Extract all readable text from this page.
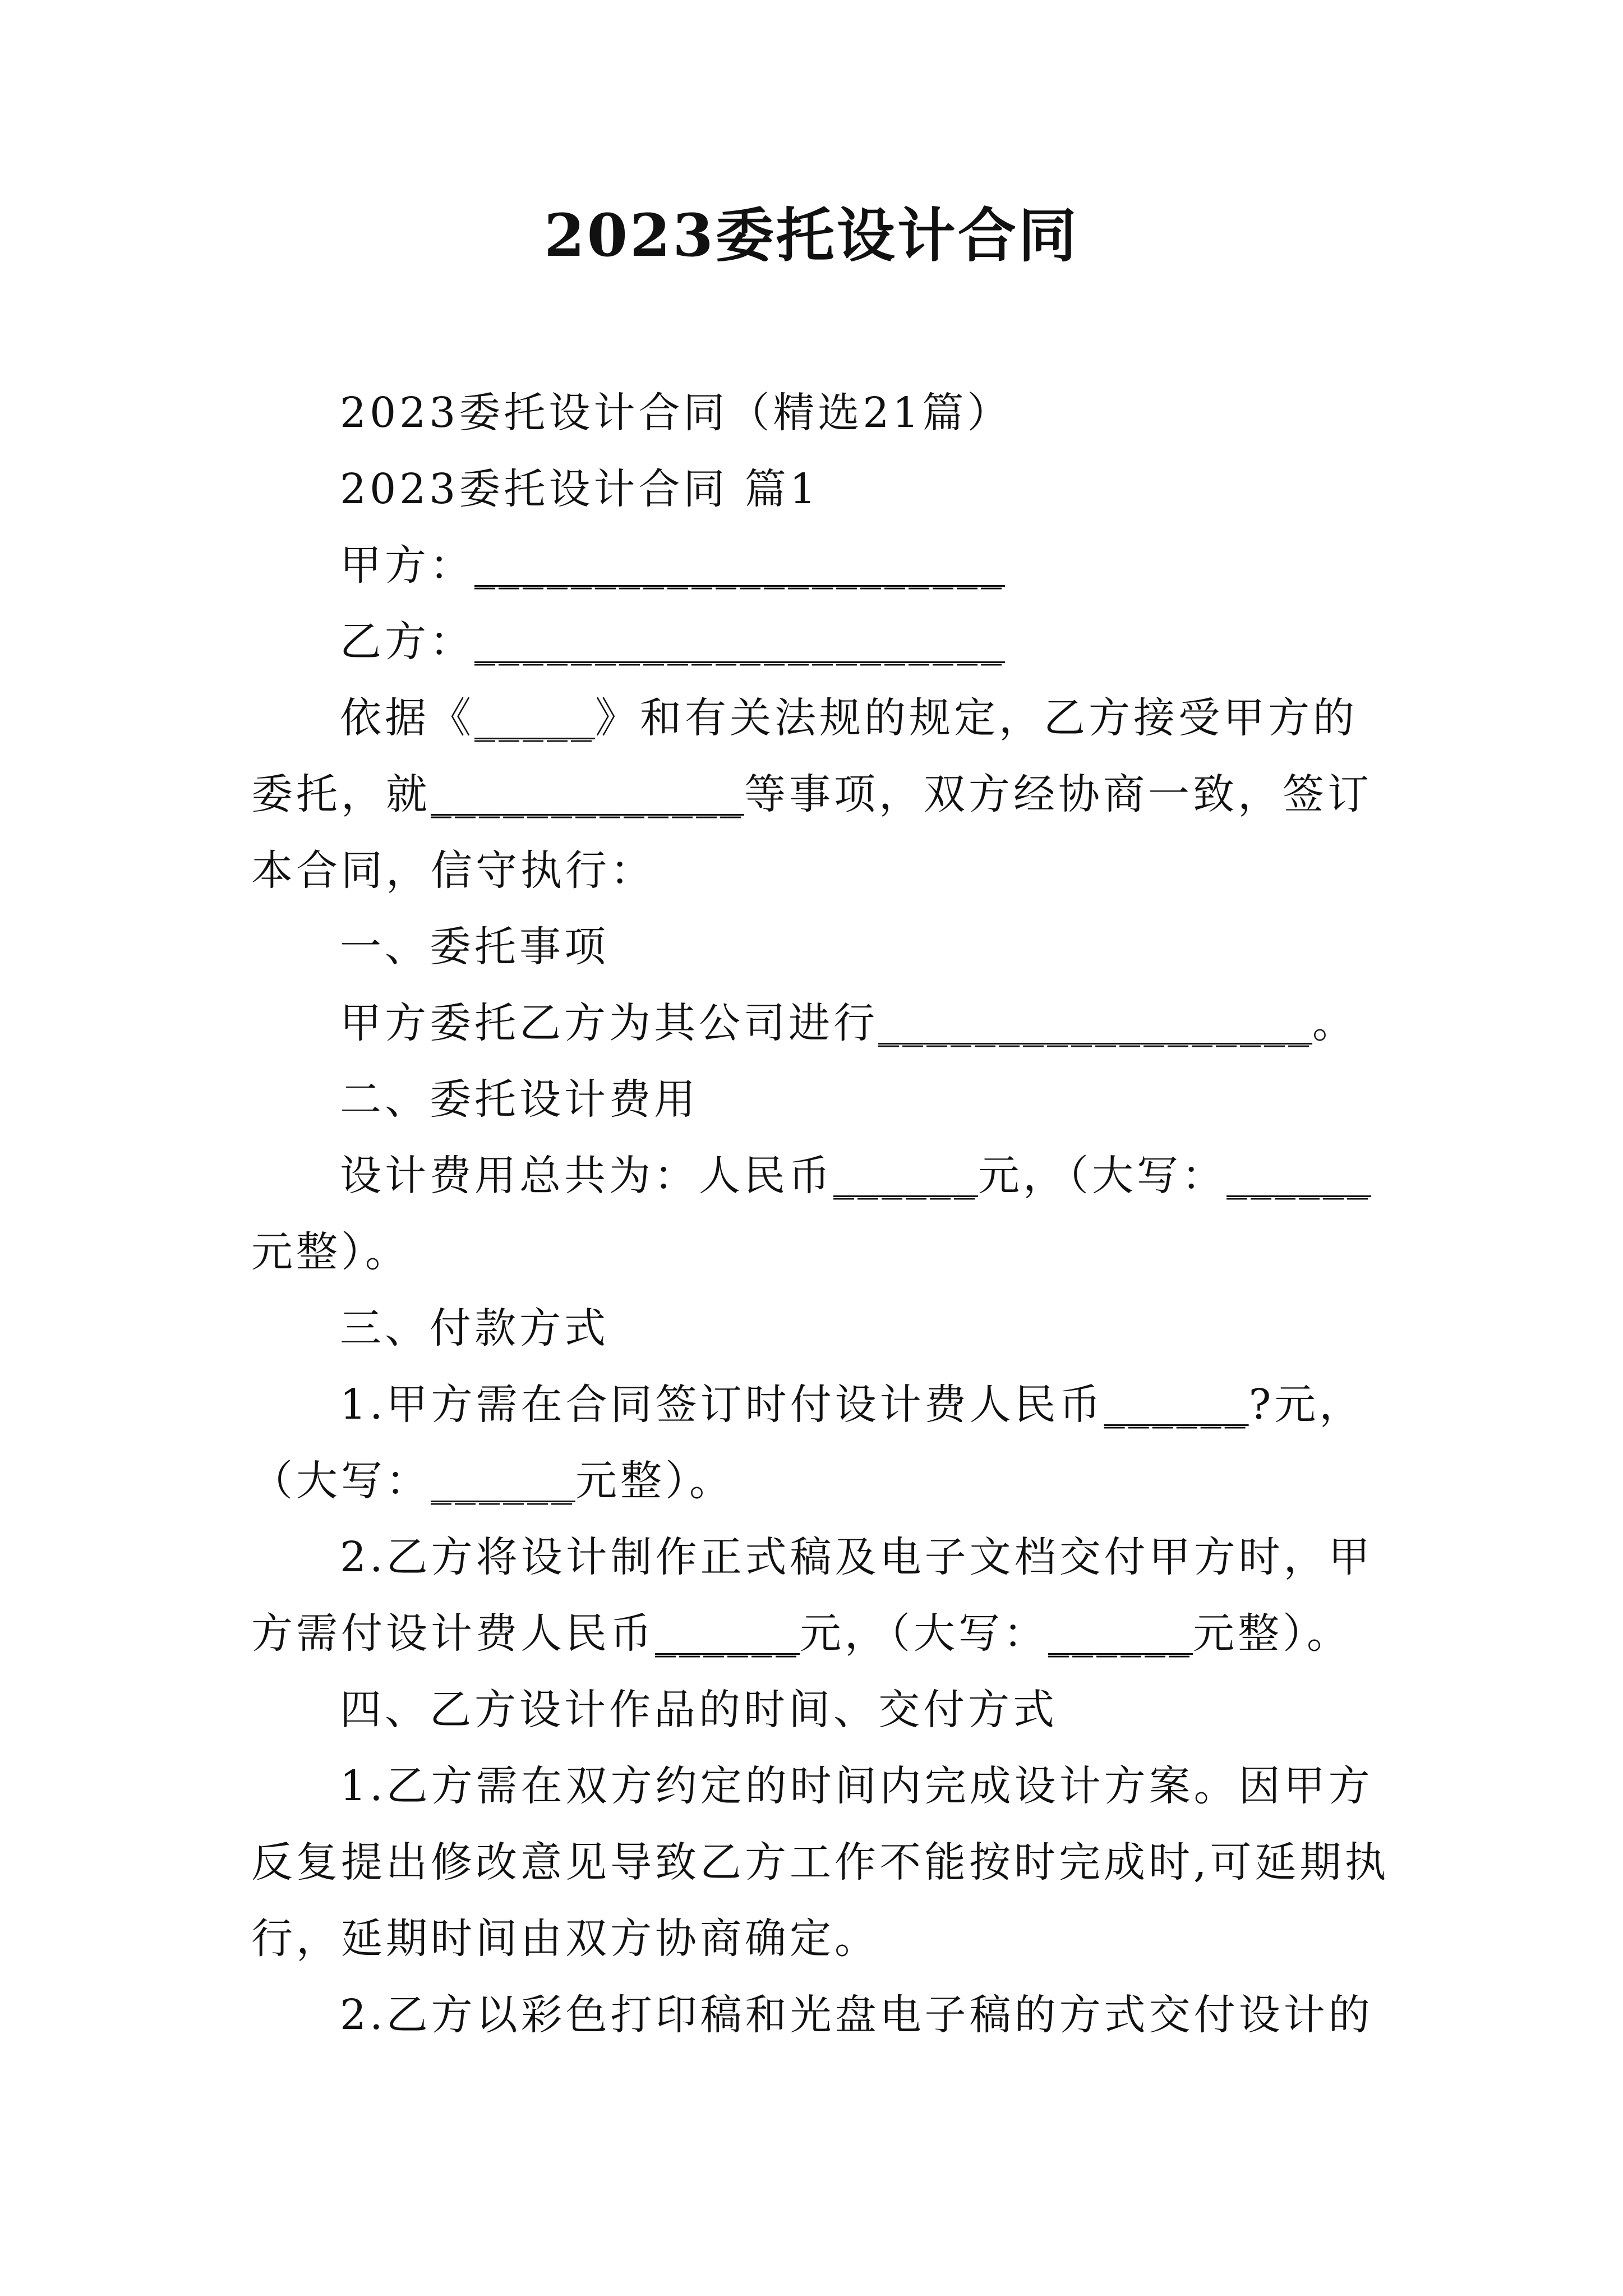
2023委托设计合同

2023委托设计合同（精选21篇）

2023委托设计合同 篇1

甲方：______________________

乙方：______________________

依据《_____》和有关法规的规定，乙方接受甲方的委托，就_____________等事项，双方经协商一致，签订本合同，信守执行：

一、委托事项

甲方委托乙方为其公司进行__________________。

二、委托设计费用

设计费用总共为：人民币______元，（大写：______元整）。

三、付款方式

1.甲方需在合同签订时付设计费人民币______?元，（大写：______元整）。

2.乙方将设计制作正式稿及电子文档交付甲方时，甲方需付设计费人民币______元，（大写：______元整）。

四、乙方设计作品的时间、交付方式

1.乙方需在双方约定的时间内完成设计方案。因甲方反复提出修改意见导致乙方工作不能按时完成时,可延期执行，延期时间由双方协商确定。

2.乙方以彩色打印稿和光盘电子稿的方式交付设计的
